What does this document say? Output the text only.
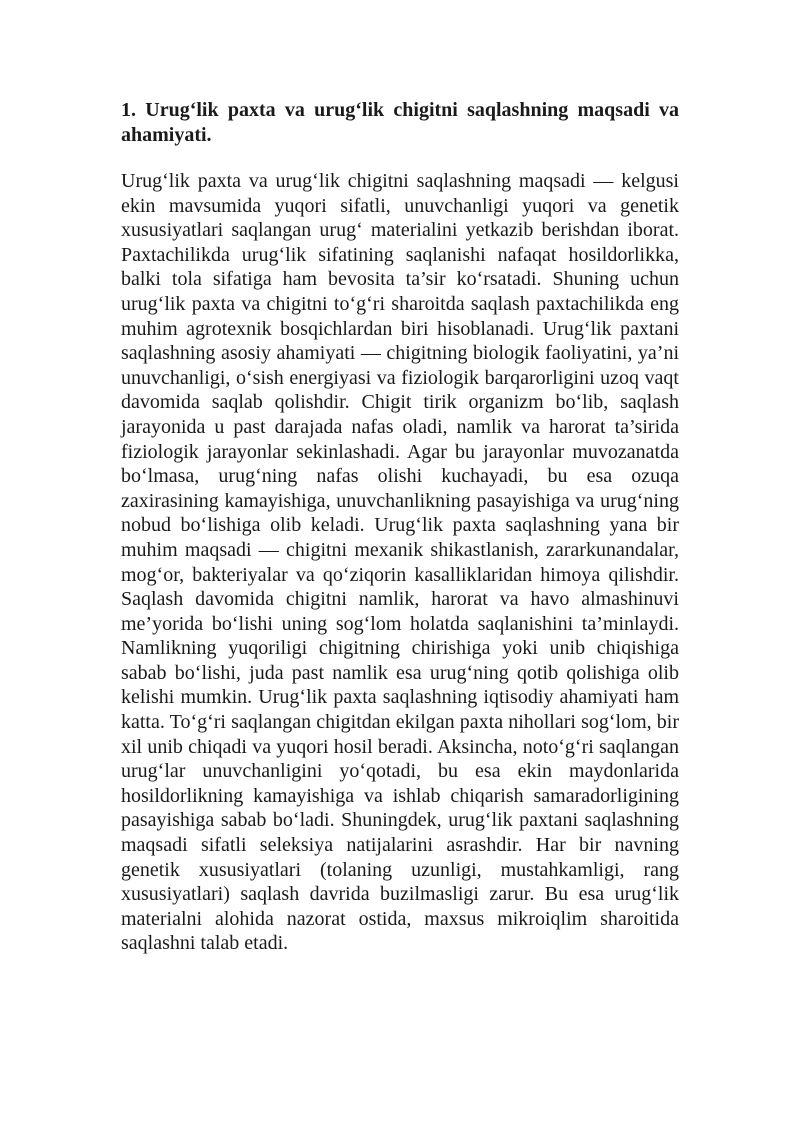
1. Urug‘lik paxta va urug‘lik chigitni saqlashning maqsadi va ahamiyati.

Urug‘lik paxta va urug‘lik chigitni saqlashning maqsadi — kelgusi ekin mavsumida yuqori sifatli, unuvchanligi yuqori va genetik xususiyatlari saqlangan urug‘ materialini yetkazib berishdan iborat. Paxtachilikda urug‘lik sifatining saqlanishi nafaqat hosildorlikka, balki tola sifatiga ham bevosita ta’sir ko‘rsatadi. Shuning uchun urug‘lik paxta va chigitni to‘g‘ri sharoitda saqlash paxtachilikda eng muhim agrotexnik bosqichlardan biri hisoblanadi. Urug‘lik paxtani saqlashning asosiy ahamiyati — chigitning biologik faoliyatini, ya’ni unuvchanligi, o‘sish energiyasi va fiziologik barqarorligini uzoq vaqt davomida saqlab qolishdir. Chigit tirik organizm bo‘lib, saqlash jarayonida u past darajada nafas oladi, namlik va harorat ta’sirida fiziologik jarayonlar sekinlashadi. Agar bu jarayonlar muvozanatda bo‘lmasa, urug‘ning nafas olishi kuchayadi, bu esa ozuqa zaxirasining kamayishiga, unuvchanlikning pasayishiga va urug‘ning nobud bo‘lishiga olib keladi. Urug‘lik paxta saqlashning yana bir muhim maqsadi — chigitni mexanik shikastlanish, zararkunandalar, mog‘or, bakteriyalar va qo‘ziqorin kasalliklaridan himoya qilishdir. Saqlash davomida chigitni namlik, harorat va havo almashinuvi me’yorida bo‘lishi uning sog‘lom holatda saqlanishini ta’minlaydi. Namlikning yuqoriligi chigitning chirishiga yoki unib chiqishiga sabab bo‘lishi, juda past namlik esa urug‘ning qotib qolishiga olib kelishi mumkin. Urug‘lik paxta saqlashning iqtisodiy ahamiyati ham katta. To‘g‘ri saqlangan chigitdan ekilgan paxta nihollari sog‘lom, bir xil unib chiqadi va yuqori hosil beradi. Aksincha, noto‘g‘ri saqlangan urug‘lar unuvchanligini yo‘qotadi, bu esa ekin maydonlarida hosildorlikning kamayishiga va ishlab chiqarish samaradorligining pasayishiga sabab bo‘ladi. Shuningdek, urug‘lik paxtani saqlashning maqsadi sifatli seleksiya natijalarini asrashdir. Har bir navning genetik xususiyatlari (tolaning uzunligi, mustahkamligi, rang xususiyatlari) saqlash davrida buzilmasligi zarur. Bu esa urug‘lik materialni alohida nazorat ostida, maxsus mikroiqlim sharoitida saqlashni talab etadi.
